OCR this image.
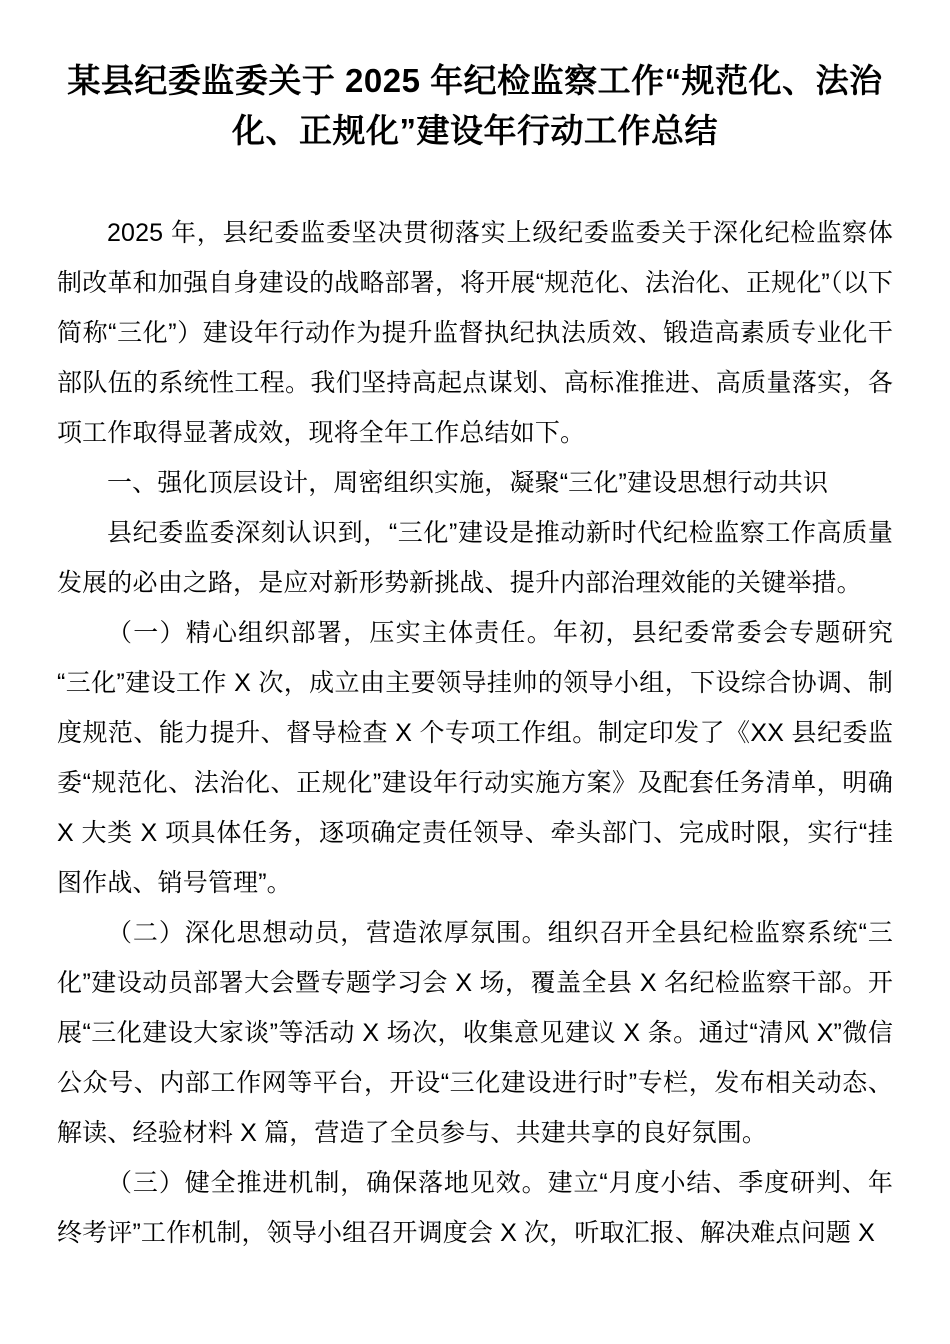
某县纪委监委关于 2025 年纪检监察工作“规范化、法治化、正规化”建设年行动工作总结

2025 年，县纪委监委坚决贯彻落实上级纪委监委关于深化纪检监察体制改革和加强自身建设的战略部署，将开展“规范化、法治化、正规化”（以下简称“三化”）建设年行动作为提升监督执纪执法质效、锻造高素质专业化干部队伍的系统性工程。我们坚持高起点谋划、高标准推进、高质量落实，各项工作取得显著成效，现将全年工作总结如下。

一、强化顶层设计，周密组织实施，凝聚“三化”建设思想行动共识

县纪委监委深刻认识到，“三化”建设是推动新时代纪检监察工作高质量发展的必由之路，是应对新形势新挑战、提升内部治理效能的关键举措。

（一）精心组织部署，压实主体责任。年初，县纪委常委会专题研究“三化”建设工作 X 次，成立由主要领导挂帅的领导小组，下设综合协调、制度规范、能力提升、督导检查 X 个专项工作组。制定印发了《XX 县纪委监委“规范化、法治化、正规化”建设年行动实施方案》及配套任务清单，明确 X 大类 X 项具体任务，逐项确定责任领导、牵头部门、完成时限，实行“挂图作战、销号管理”。

（二）深化思想动员，营造浓厚氛围。组织召开全县纪检监察系统“三化”建设动员部署大会暨专题学习会 X 场，覆盖全县 X 名纪检监察干部。开展“三化建设大家谈”等活动 X 场次，收集意见建议 X 条。通过“清风 X”微信公众号、内部工作网等平台，开设“三化建设进行时”专栏，发布相关动态、解读、经验材料 X 篇，营造了全员参与、共建共享的良好氛围。

（三）健全推进机制，确保落地见效。建立“月度小结、季度研判、年终考评”工作机制，领导小组召开调度会 X 次，听取汇报、解决难点问题 X
